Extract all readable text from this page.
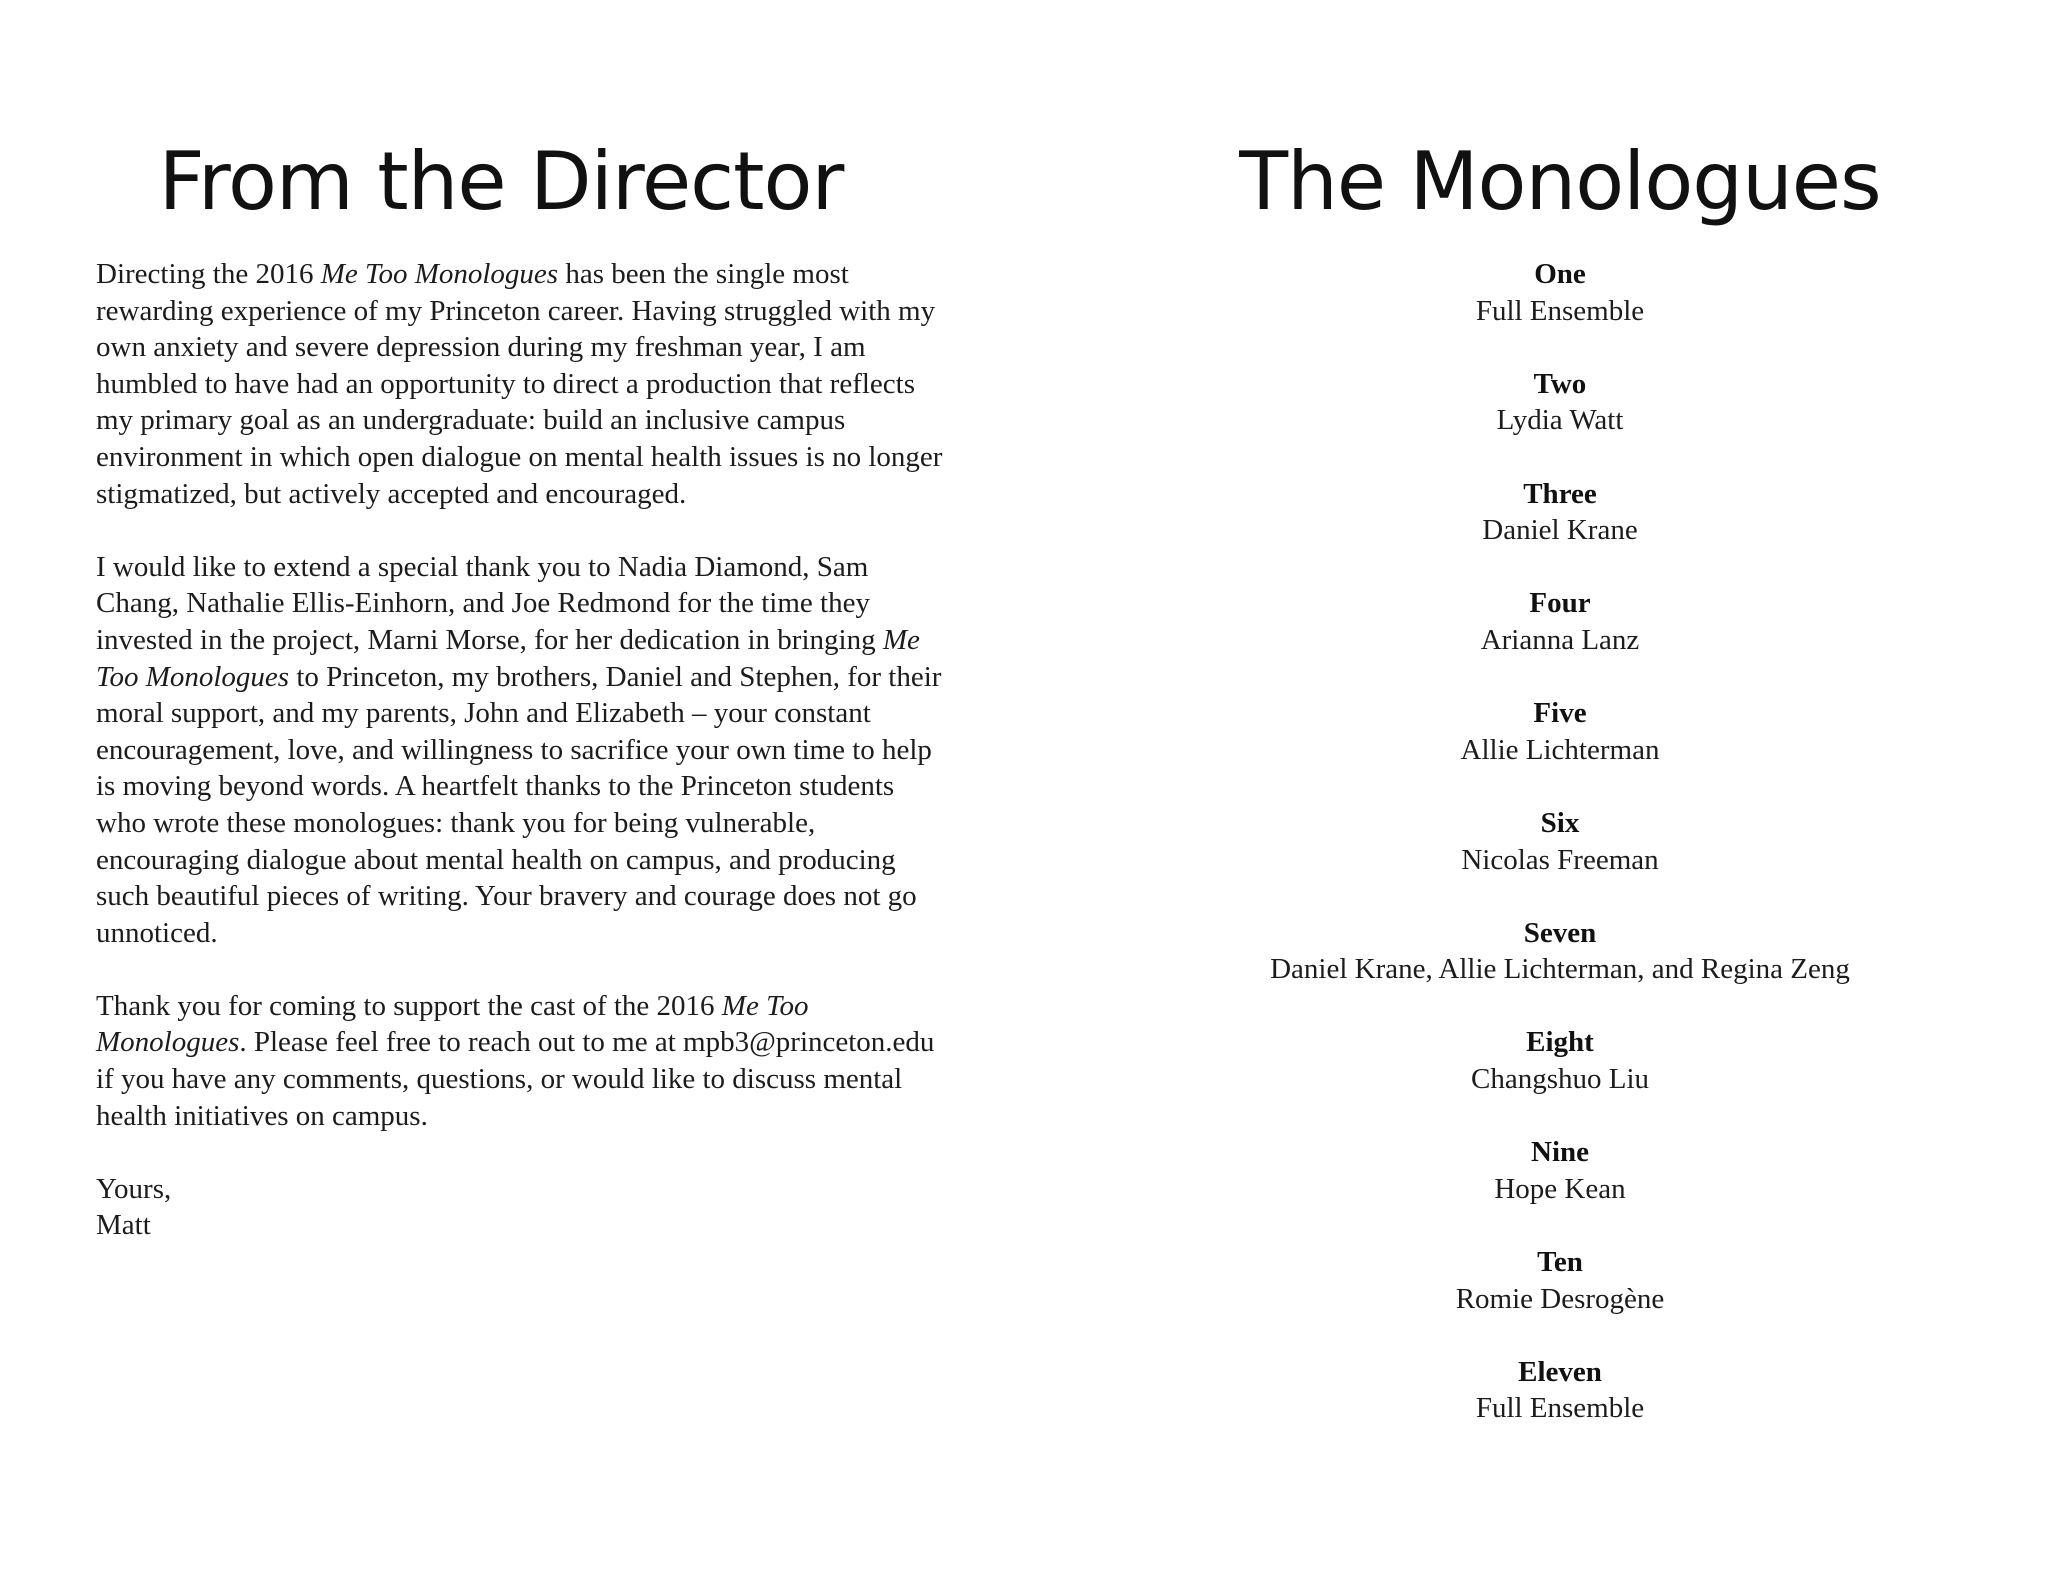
From the Director

Directing the 2016 Me Too Monologues has been the single most rewarding experience of my Princeton career. Having struggled with my own anxiety and severe depression during my freshman year, I am humbled to have had an opportunity to direct a production that reflects my primary goal as an undergraduate: build an inclusive campus environment in which open dialogue on mental health issues is no longer stigmatized, but actively accepted and encouraged.

I would like to extend a special thank you to Nadia Diamond, Sam Chang, Nathalie Ellis-Einhorn, and Joe Redmond for the time they invested in the project, Marni Morse, for her dedication in bringing Me Too Monologues to Princeton, my brothers, Daniel and Stephen, for their moral support, and my parents, John and Elizabeth – your constant encouragement, love, and willingness to sacrifice your own time to help is moving beyond words. A heartfelt thanks to the Princeton students who wrote these monologues: thank you for being vulnerable, encouraging dialogue about mental health on campus, and producing such beautiful pieces of writing. Your bravery and courage does not go unnoticed.

Thank you for coming to support the cast of the 2016 Me Too Monologues. Please feel free to reach out to me at mpb3@princeton.edu if you have any comments, questions, or would like to discuss mental health initiatives on campus.

Yours,

Matt

The Monologues
One
Full Ensemble
Two
Lydia Watt
Three
Daniel Krane
Four
Arianna Lanz
Five
Allie Lichterman
Six
Nicolas Freeman
Seven
Daniel Krane, Allie Lichterman, and Regina Zeng
Eight
Changshuo Liu
Nine
Hope Kean
Ten
Romie Desrogène
Eleven
Full Ensemble
